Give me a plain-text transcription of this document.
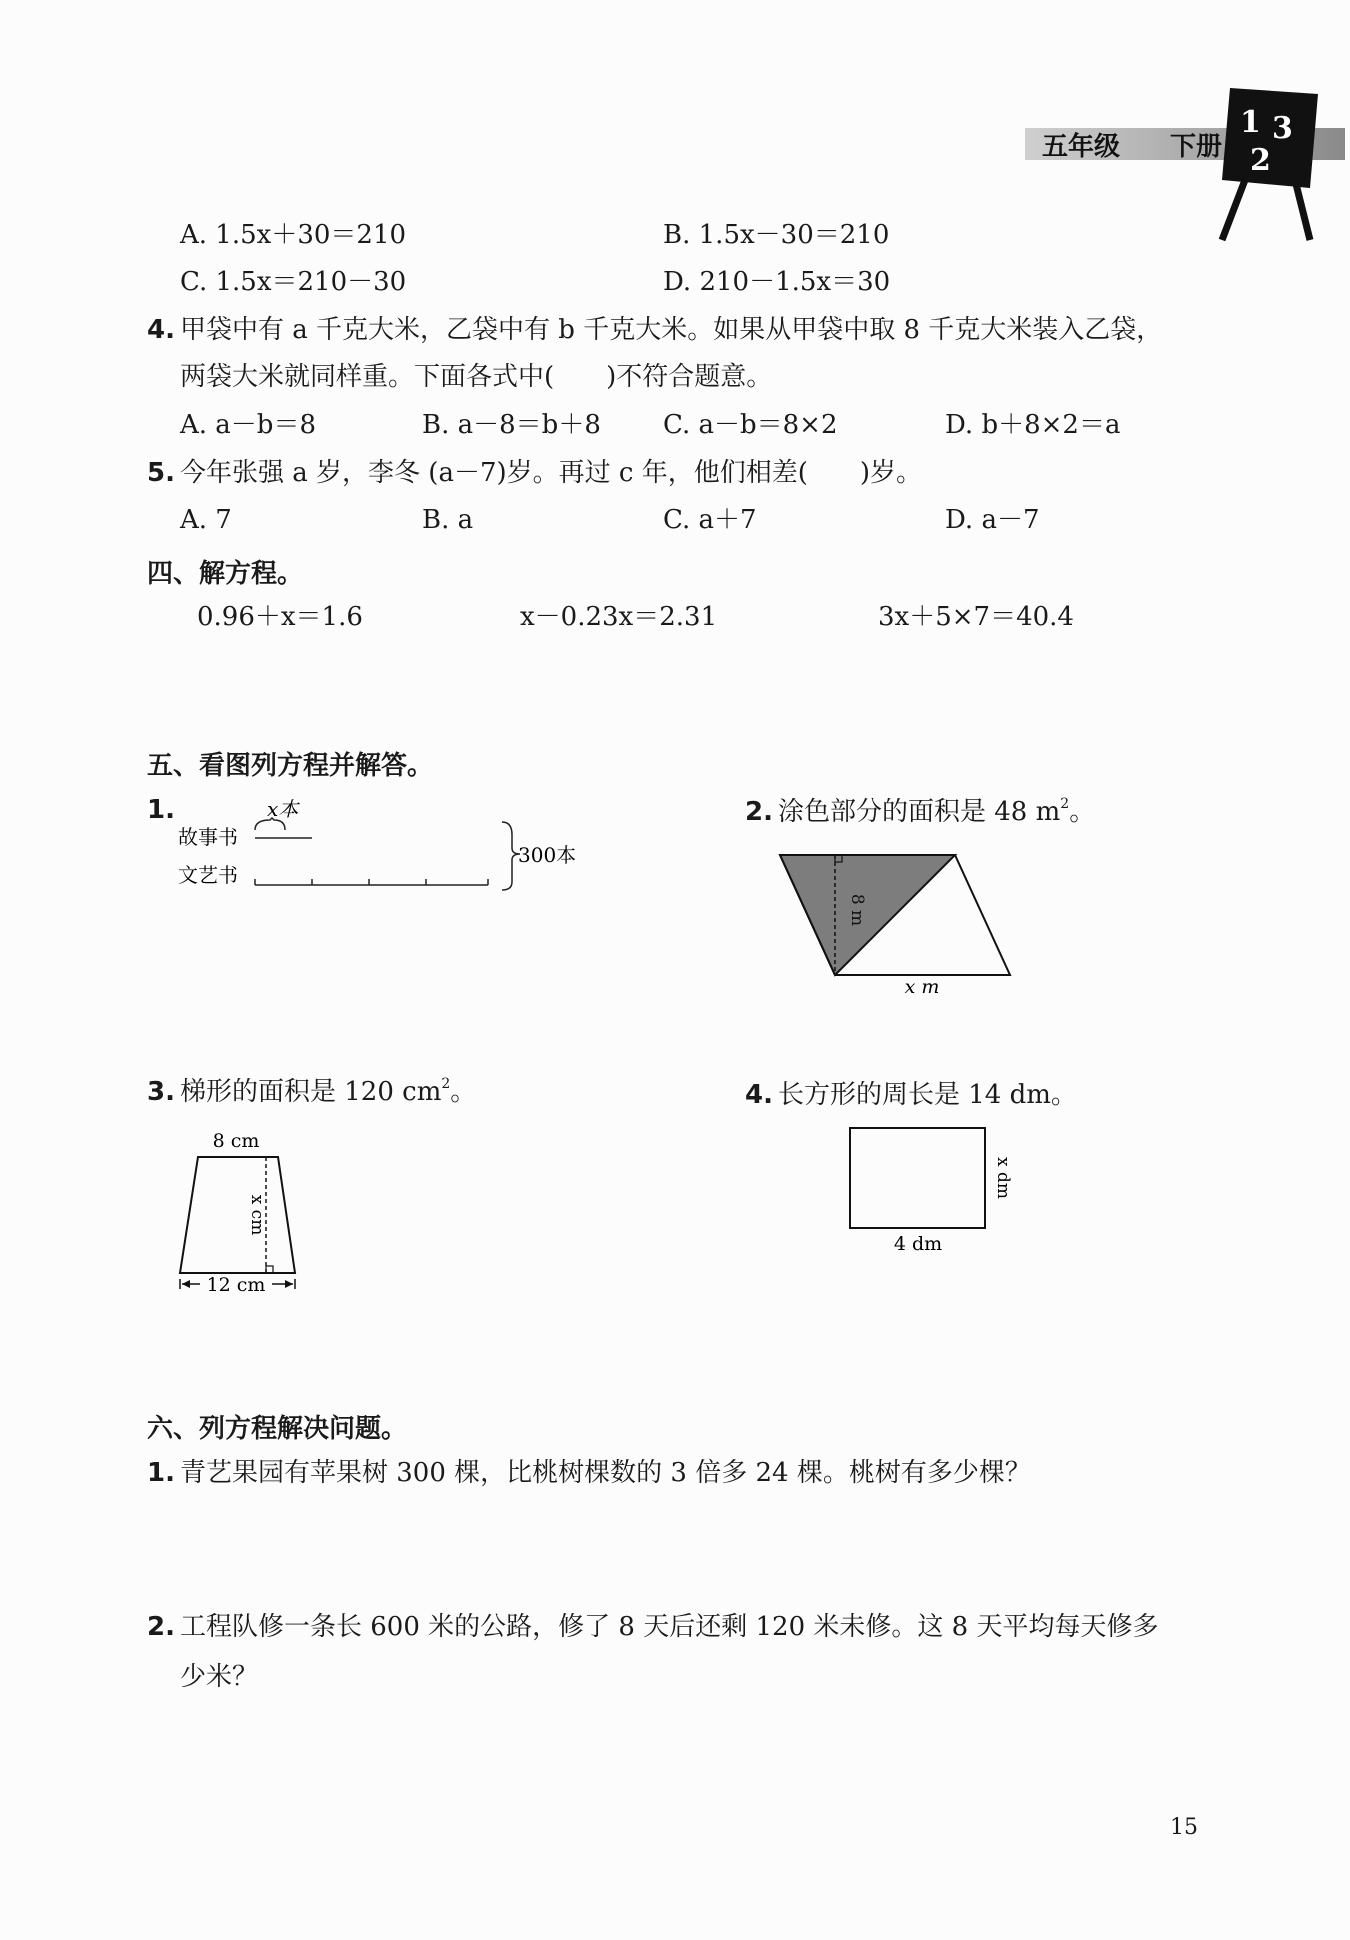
五年级 下册
1 3
2
A. 1.5x＋30＝210	B. 1.5x－30＝210
C. 1.5x＝210－30	D. 210－1.5x＝30
4. 甲袋中有 a 千克大米，乙袋中有 b 千克大米。如果从甲袋中取 8 千克大米装入乙袋，
两袋大米就同样重。下面各式中(　　)不符合题意。
A. a－b＝8	B. a－8＝b＋8 C. a－b＝8×2	D. b＋8×2＝a
5. 今年张强 a 岁，李冬 (a－7)岁。再过 c 年，他们相差(　　)岁。
A. 7	B. a	C. a＋7	D. a－7
四、解方程。
0.96＋x＝1.6	x－0.23x＝2.31	3x＋5×7＝40.4
五、看图列方程并解答。
1.	x本
故事书
文艺书
300本
2. 涂色部分的面积是 48 $m^2$。
8 m
x m
3. 梯形的面积是 120 $cm^2$。
8 cm
x cm
12 cm
4. 长方形的周长是 14 dm。
x dm
4 dm
六、列方程解决问题。
1. 青艺果园有苹果树 300 棵，比桃树棵数的 3 倍多 24 棵。桃树有多少棵？
2. 工程队修一条长 600 米的公路，修了 8 天后还剩 120 米未修。这 8 天平均每天修多
少米？
15
